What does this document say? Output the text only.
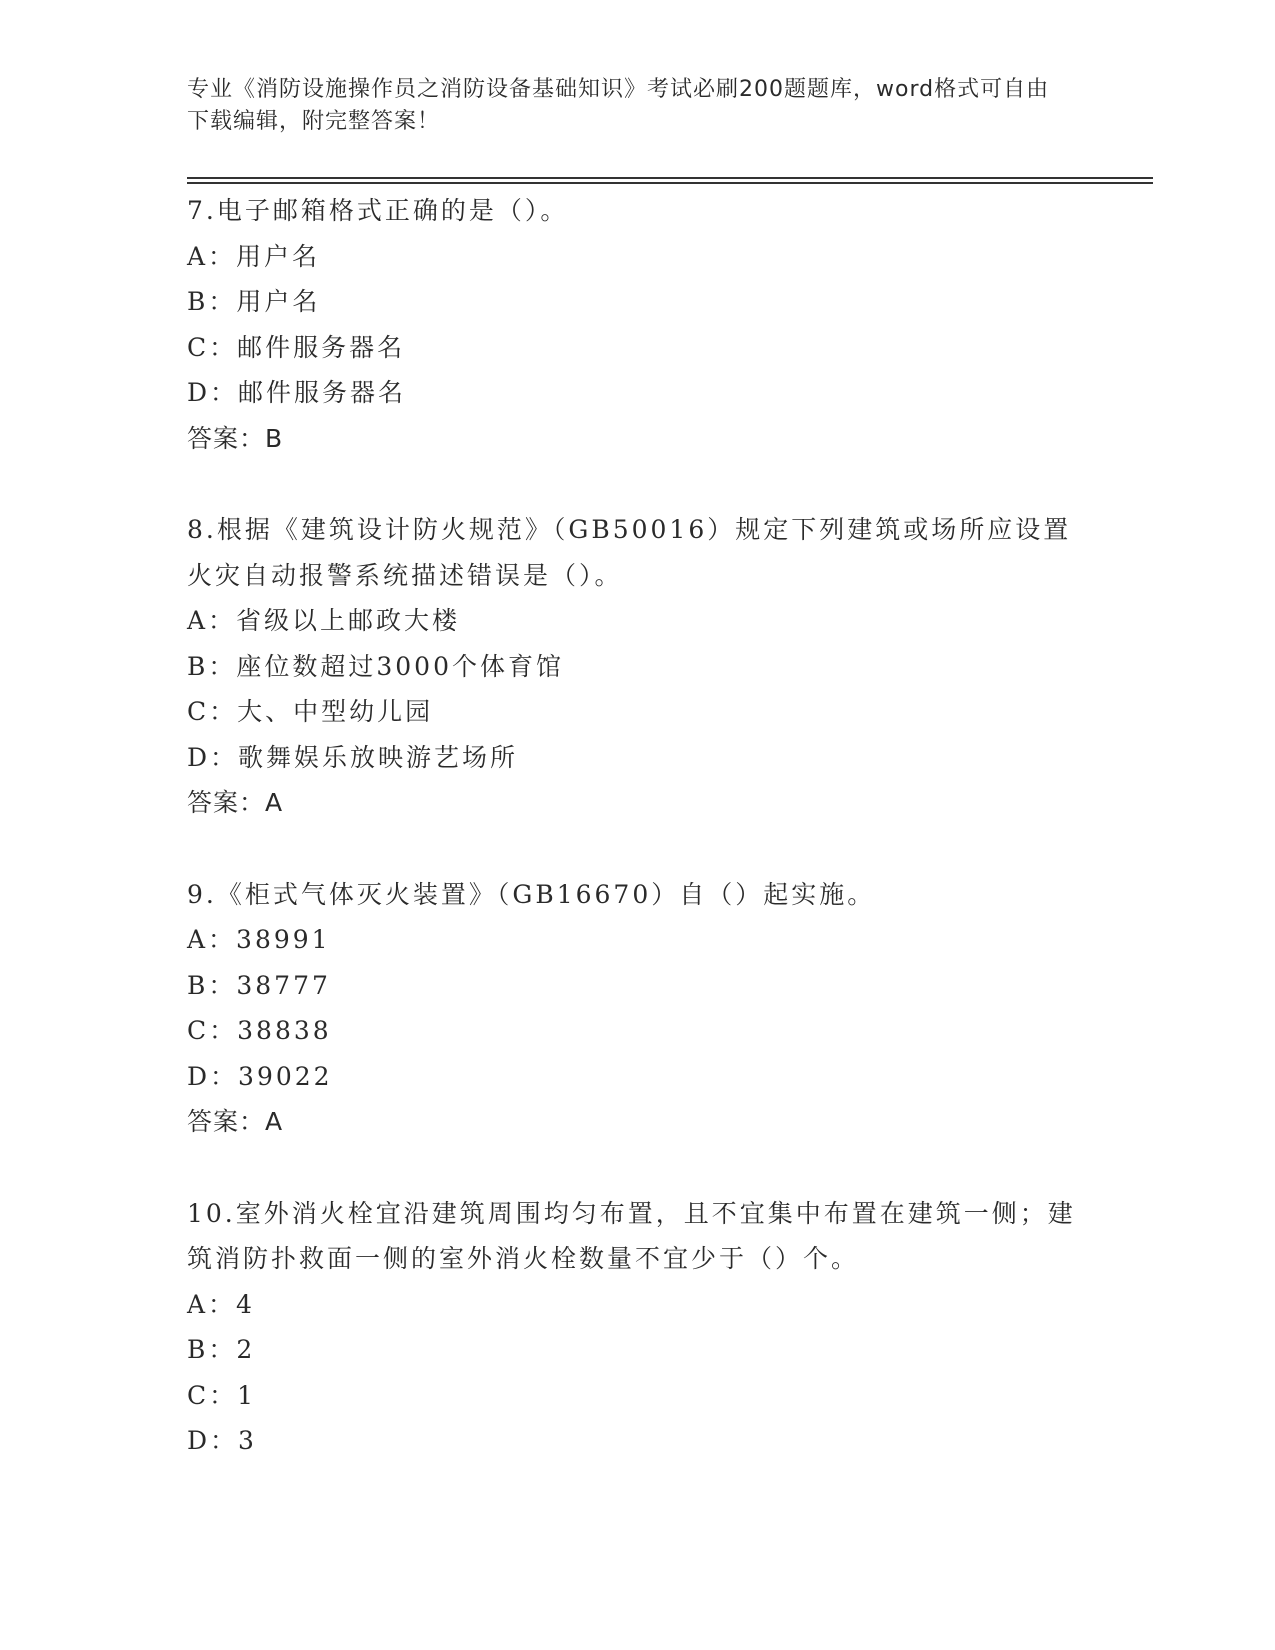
专业《消防设施操作员之消防设备基础知识》考试必刷200题题库，word格式可自由下载编辑，附完整答案！
7.电子邮箱格式正确的是（）。
A：用户名
B：用户名
C：邮件服务器名
D：邮件服务器名
答案：B
8.根据《建筑设计防火规范》（GB50016）规定下列建筑或场所应设置火灾自动报警系统描述错误是（）。
A：省级以上邮政大楼
B：座位数超过3000个体育馆
C：大、中型幼儿园
D：歌舞娱乐放映游艺场所
答案：A
9.《柜式气体灭火装置》（GB16670）自（）起实施。
A：38991
B：38777
C：38838
D：39022
答案：A
10.室外消火栓宜沿建筑周围均匀布置，且不宜集中布置在建筑一侧；建筑消防扑救面一侧的室外消火栓数量不宜少于（）个。
A：4
B：2
C：1
D：3
